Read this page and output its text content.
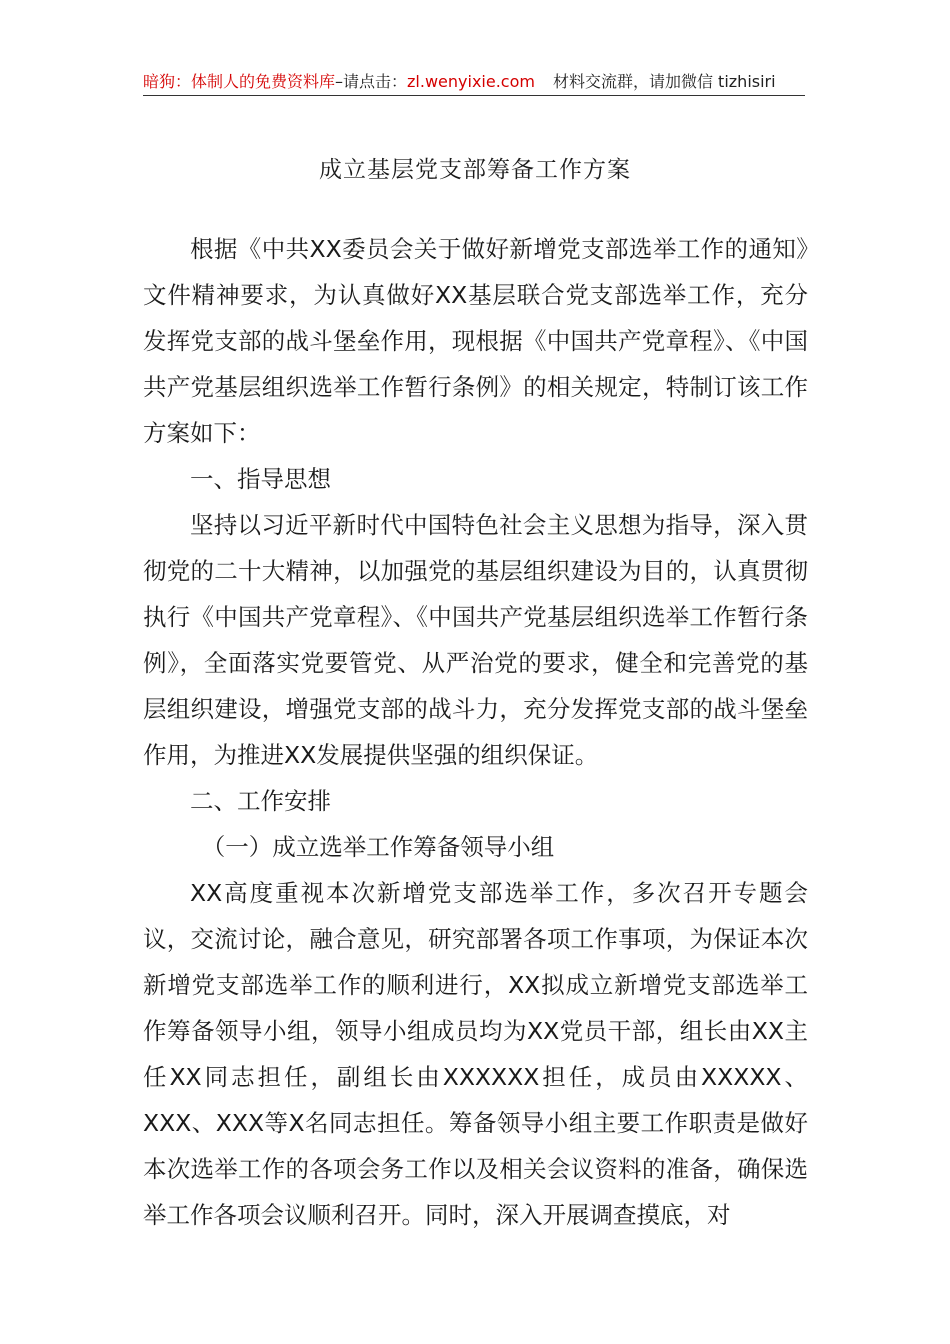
暗狗：体制人的免费资料库–请点击：zl.wenyixie.com 材料交流群，请加微信 tizhisiri
成立基层党支部筹备工作方案

根据《中共XX委员会关于做好新增党支部选举工作的通知》文件精神要求，为认真做好XX基层联合党支部选举工作，充分发挥党支部的战斗堡垒作用，现根据《中国共产党章程》、《中国共产党基层组织选举工作暂行条例》的相关规定，特制订该工作方案如下：

一、指导思想

坚持以习近平新时代中国特色社会主义思想为指导，深入贯彻党的二十大精神，以加强党的基层组织建设为目的，认真贯彻执行《中国共产党章程》、《中国共产党基层组织选举工作暂行条例》，全面落实党要管党、从严治党的要求，健全和完善党的基层组织建设，增强党支部的战斗力，充分发挥党支部的战斗堡垒作用，为推进XX发展提供坚强的组织保证。

二、工作安排

（一）成立选举工作筹备领导小组

XX高度重视本次新增党支部选举工作，多次召开专题会议，交流讨论，融合意见，研究部署各项工作事项，为保证本次新增党支部选举工作的顺利进行，XX拟成立新增党支部选举工作筹备领导小组，领导小组成员均为XX党员干部，组长由XX主任XX同志担任，副组长由XXXXXX担任，成员由XXXXX、XXX、XXX等X名同志担任。筹备领导小组主要工作职责是做好本次选举工作的各项会务工作以及相关会议资料的准备，确保选举工作各项会议顺利召开。同时，深入开展调查摸底，对
